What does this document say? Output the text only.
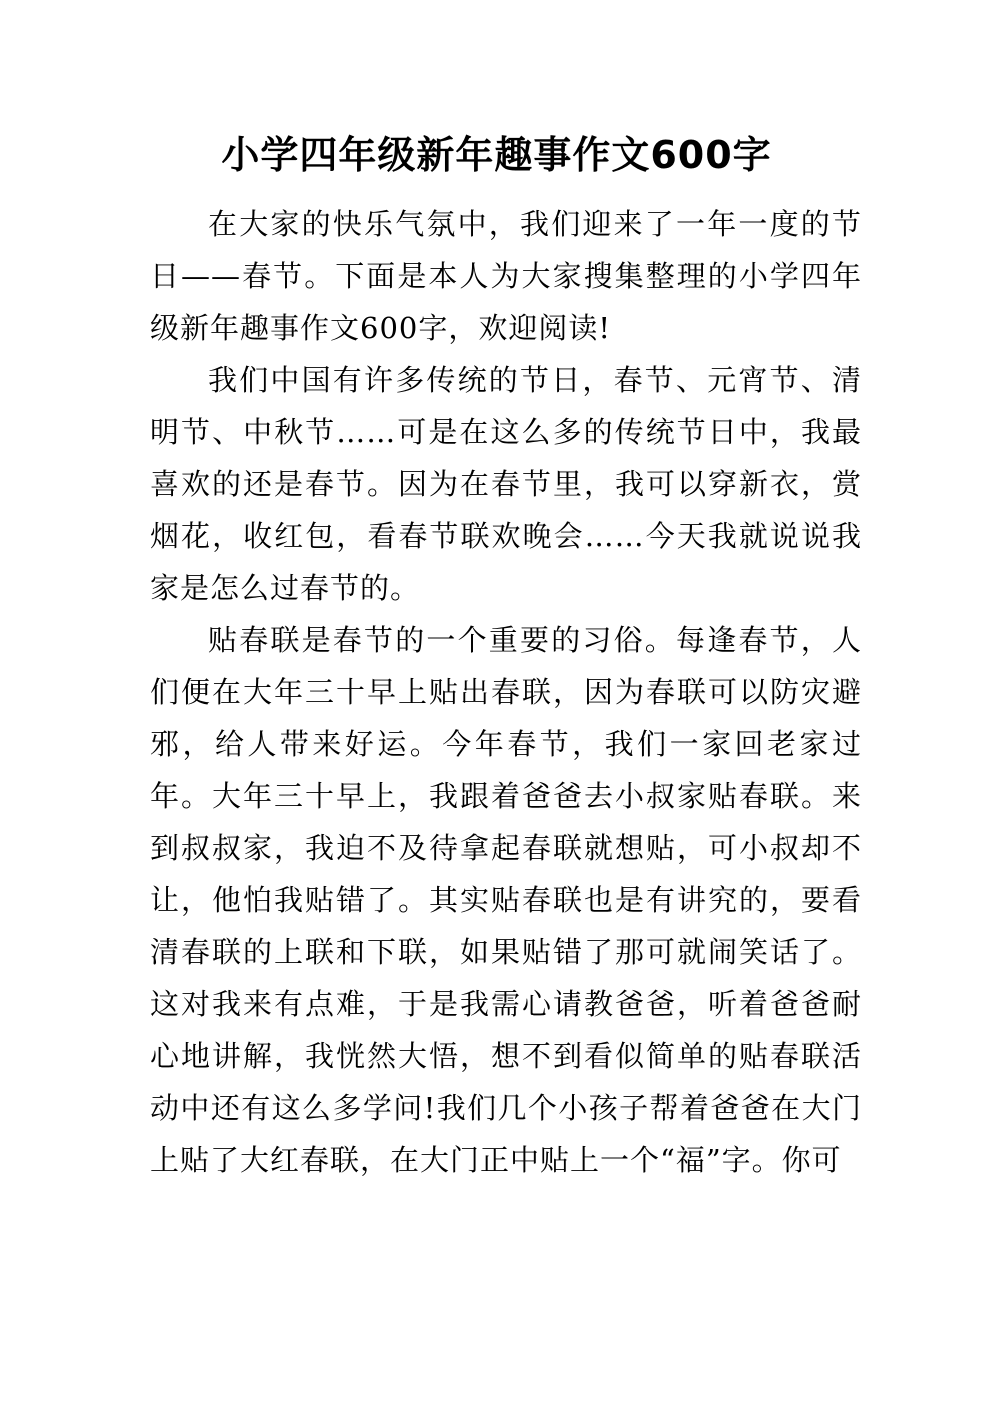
小学四年级新年趣事作文600字

在大家的快乐气氛中，我们迎来了一年一度的节日——春节。下面是本人为大家搜集整理的小学四年级新年趣事作文600字，欢迎阅读!

我们中国有许多传统的节日，春节、元宵节、清明节、中秋节……可是在这么多的传统节日中，我最喜欢的还是春节。因为在春节里，我可以穿新衣，赏烟花，收红包，看春节联欢晚会……今天我就说说我家是怎么过春节的。

贴春联是春节的一个重要的习俗。每逢春节，人们便在大年三十早上贴出春联，因为春联可以防灾避邪，给人带来好运。今年春节，我们一家回老家过年。大年三十早上，我跟着爸爸去小叔家贴春联。来到叔叔家，我迫不及待拿起春联就想贴，可小叔却不让，他怕我贴错了。其实贴春联也是有讲究的，要看清春联的上联和下联，如果贴错了那可就闹笑话了。这对我来有点难，于是我需心请教爸爸，听着爸爸耐心地讲解，我恍然大悟，想不到看似简单的贴春联活动中还有这么多学问!我们几个小孩子帮着爸爸在大门上贴了大红春联，在大门正中贴上一个“福”字。你可
